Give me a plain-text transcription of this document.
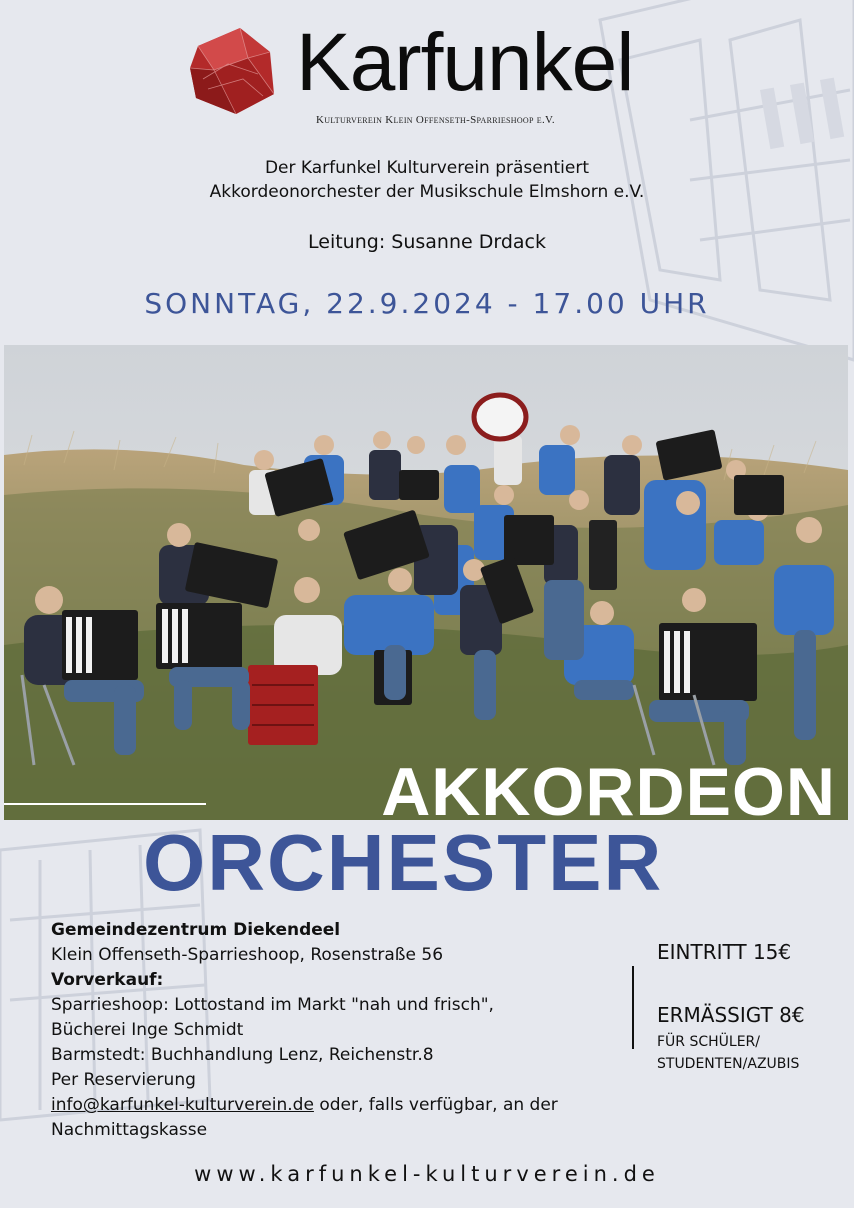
Karfunkel
Kulturverein Klein Offenseth-Sparrieshoop e.V.
Der Karfunkel Kulturverein präsentiert
Akkordeonorchester der Musikschule Elmshorn e.V.
Leitung: Susanne Drdack
SONNTAG, 22.9.2024 - 17.00 UHR
AKKORDEON
ORCHESTER
Gemeindezentrum Diekendeel
Klein Offenseth-Sparrieshoop, Rosenstraße 56
Vorverkauf:
Sparrieshoop: Lottostand im Markt "nah und frisch",
Bücherei Inge Schmidt
Barmstedt: Buchhandlung Lenz, Reichenstr.8
Per Reservierung
info@karfunkel-kulturverein.de oder, falls verfügbar, an der
Nachmittagskasse
EINTRITT 15€
ERMÄSSIGT 8€
FÜR SCHÜLER/
STUDENTEN/AZUBIS
www.karfunkel-kulturverein.de
